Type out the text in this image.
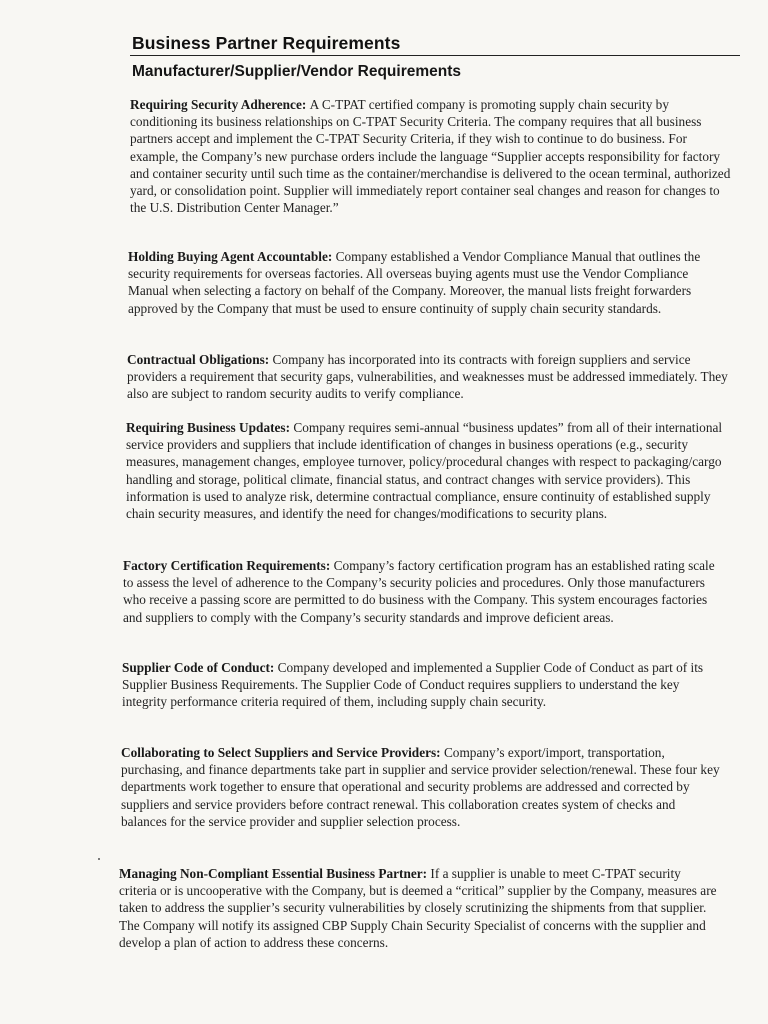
Business Partner Requirements
Manufacturer/Supplier/Vendor Requirements

Requiring Security Adherence: A C-TPAT certified company is promoting supply chain security by conditioning its business relationships on C-TPAT Security Criteria. The company requires that all business partners accept and implement the C-TPAT Security Criteria, if they wish to continue to do business. For example, the Company’s new purchase orders include the language “Supplier accepts responsibility for factory and container security until such time as the container/merchandise is delivered to the ocean terminal, authorized yard, or consolidation point. Supplier will immediately report container seal changes and reason for changes to the U.S. Distribution Center Manager.”

Holding Buying Agent Accountable: Company established a Vendor Compliance Manual that outlines the security requirements for overseas factories. All overseas buying agents must use the Vendor Compliance Manual when selecting a factory on behalf of the Company. Moreover, the manual lists freight forwarders approved by the Company that must be used to ensure continuity of supply chain security standards.

Contractual Obligations: Company has incorporated into its contracts with foreign suppliers and service providers a requirement that security gaps, vulnerabilities, and weaknesses must be addressed immediately. They also are subject to random security audits to verify compliance.

Requiring Business Updates: Company requires semi-annual “business updates” from all of their international service providers and suppliers that include identification of changes in business operations (e.g., security measures, management changes, employee turnover, policy/procedural changes with respect to packaging/cargo handling and storage, political climate, financial status, and contract changes with service providers). This information is used to analyze risk, determine contractual compliance, ensure continuity of established supply chain security measures, and identify the need for changes/modifications to security plans.

Factory Certification Requirements: Company’s factory certification program has an established rating scale to assess the level of adherence to the Company’s security policies and procedures. Only those manufacturers who receive a passing score are permitted to do business with the Company. This system encourages factories and suppliers to comply with the Company’s security standards and improve deficient areas.

Supplier Code of Conduct: Company developed and implemented a Supplier Code of Conduct as part of its Supplier Business Requirements. The Supplier Code of Conduct requires suppliers to understand the key integrity performance criteria required of them, including supply chain security.

Collaborating to Select Suppliers and Service Providers: Company’s export/import, transportation, purchasing, and finance departments take part in supplier and service provider selection/renewal. These four key departments work together to ensure that operational and security problems are addressed and corrected by suppliers and service providers before contract renewal. This collaboration creates system of checks and balances for the service provider and supplier selection process.

Managing Non-Compliant Essential Business Partner: If a supplier is unable to meet C-TPAT security criteria or is uncooperative with the Company, but is deemed a “critical” supplier by the Company, measures are taken to address the supplier’s security vulnerabilities by closely scrutinizing the shipments from that supplier. The Company will notify its assigned CBP Supply Chain Security Specialist of concerns with the supplier and develop a plan of action to address these concerns.
